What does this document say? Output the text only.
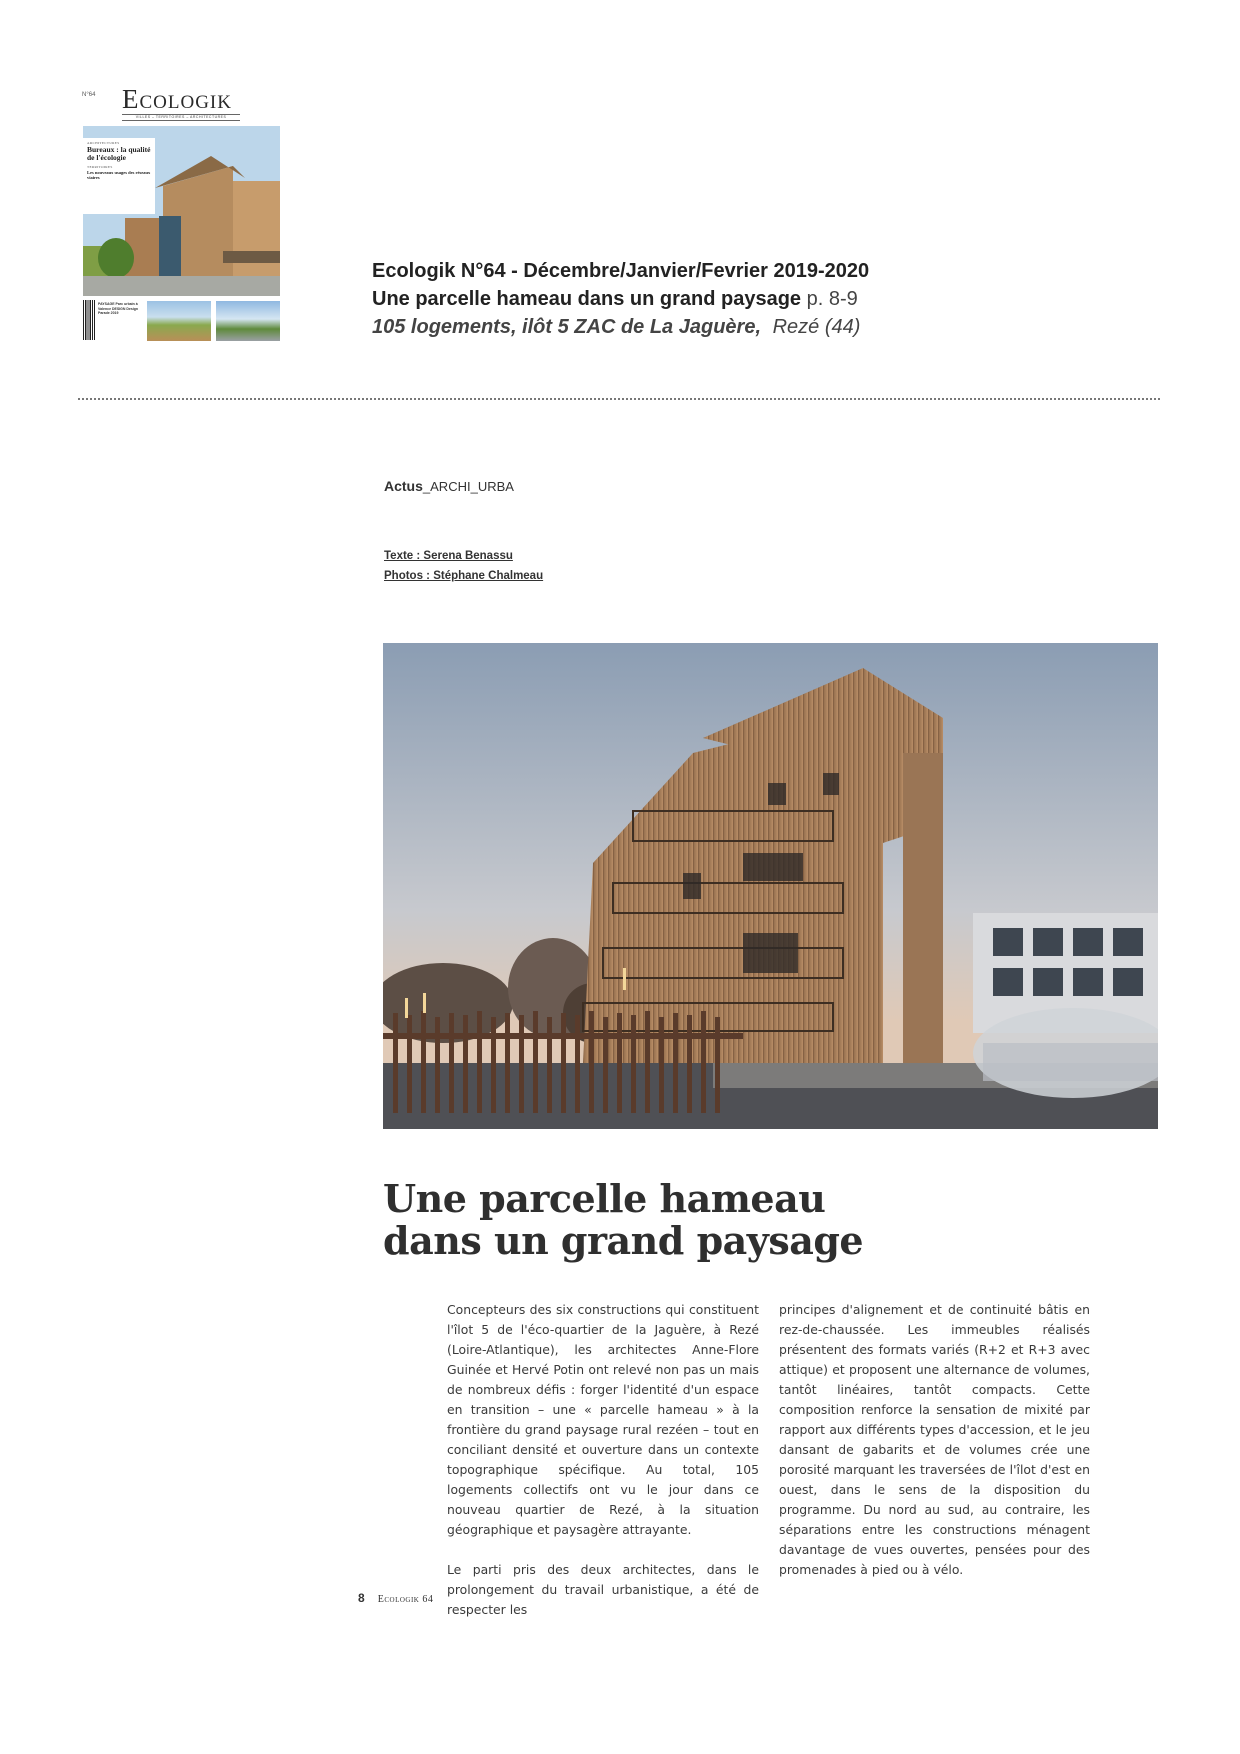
N°64 Ecologik
VILLES – TERRITOIRES – ARCHITECTURES
ARCHITECTURES
Bureaux : la qualité de l'écologie
TERRITOIRES
Les nouveaux usages des réseaux viaires
PAYSAGE Parc urbain à Valence DESIGN Design Parade 2019
Ecologik N°64 - Décembre/Janvier/Fevrier 2019-2020
Une parcelle hameau dans un grand paysage p. 8-9
105 logements, ilôt 5 ZAC de La Jaguère, Rezé (44)
Actus_ARCHI_URBA
Texte : Serena Benassu
Photos : Stéphane Chalmeau
Une parcelle hameau
dans un grand paysage

Concepteurs des six constructions qui constituent l'îlot 5 de l'éco-quartier de la Jaguère, à Rezé (Loire-Atlantique), les architectes Anne-Flore Guinée et Hervé Potin ont relevé non pas un mais de nombreux défis : forger l'identité d'un espace en transition – une « parcelle hameau » à la frontière du grand paysage rural rezéen – tout en conciliant densité et ouverture dans un contexte topographique spécifique. Au total, 105 logements collectifs ont vu le jour dans ce nouveau quartier de Rezé, à la situation géographique et paysagère attrayante.

Le parti pris des deux architectes, dans le prolongement du travail urbanistique, a été de respecter les

principes d'alignement et de continuité bâtis en rez-de-chaussée. Les immeubles réalisés présentent des formats variés (R+2 et R+3 avec attique) et proposent une alternance de volumes, tantôt linéaires, tantôt compacts. Cette composition renforce la sensation de mixité par rapport aux différents types d'accession, et le jeu dansant de gabarits et de volumes crée une porosité marquant les traversées de l'îlot d'est en ouest, dans le sens de la disposition du programme. Du nord au sud, au contraire, les séparations entre les constructions ménagent davantage de vues ouvertes, pensées pour des promenades à pied ou à vélo.

8 Ecologik 64
